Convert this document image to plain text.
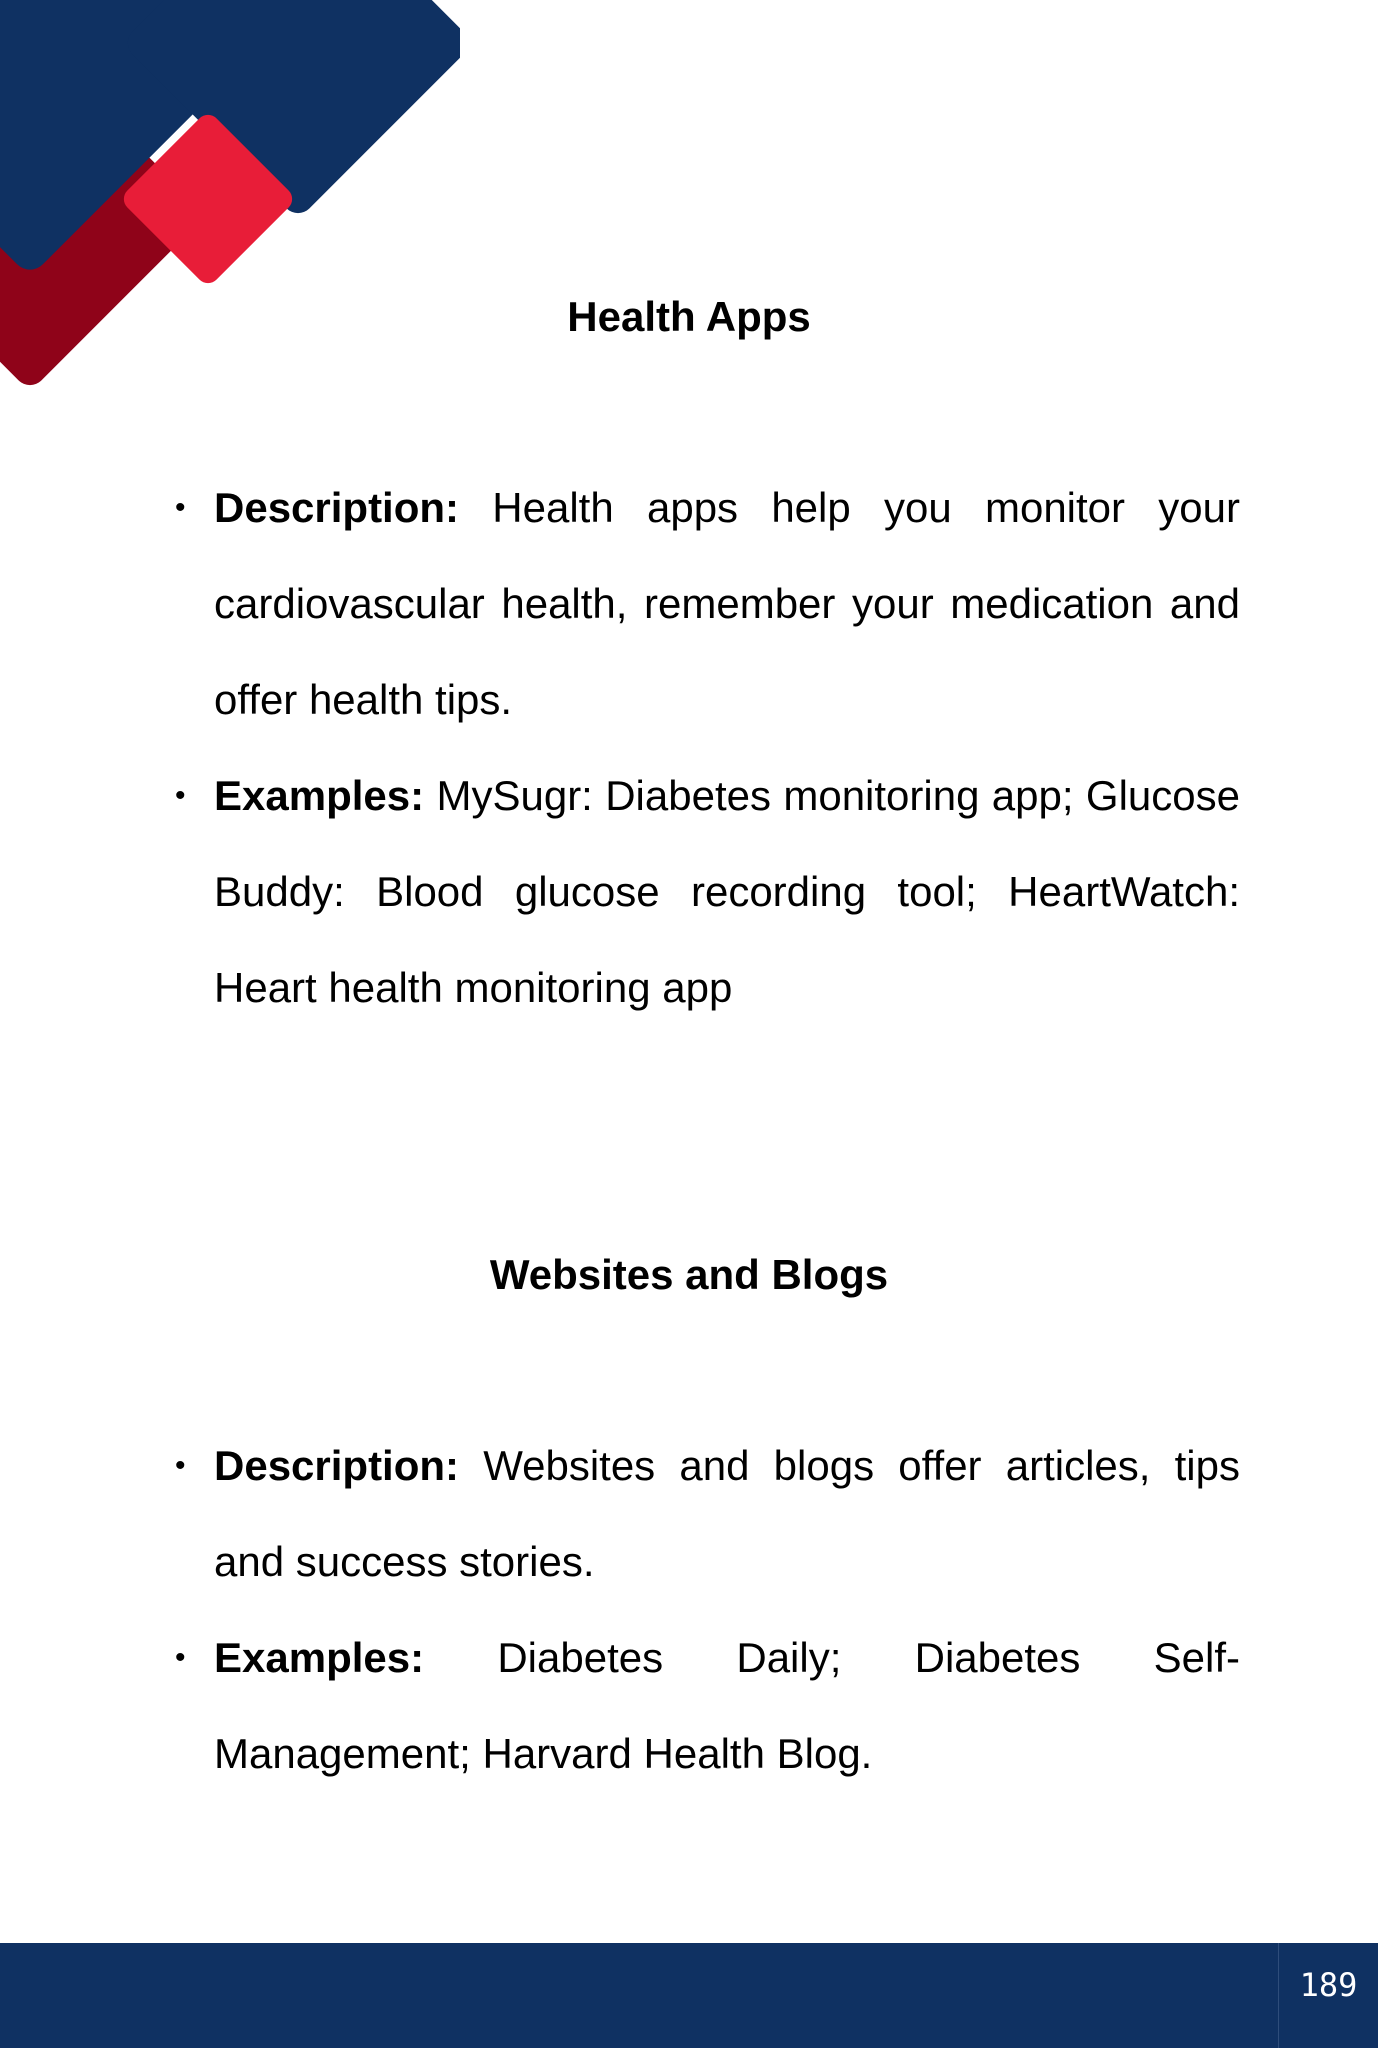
Health Apps
• Description: Health apps help you monitor your cardiovascular health, remember your medication and offer health tips.
• Examples: MySugr: Diabetes monitoring app; Glucose Buddy: Blood glucose recording tool; HeartWatch: Heart health monitoring app
Websites and Blogs
• Description: Websites and blogs offer articles, tips and success stories.
• Examples: Diabetes Daily; Diabetes Self-Management; Harvard Health Blog.
189
